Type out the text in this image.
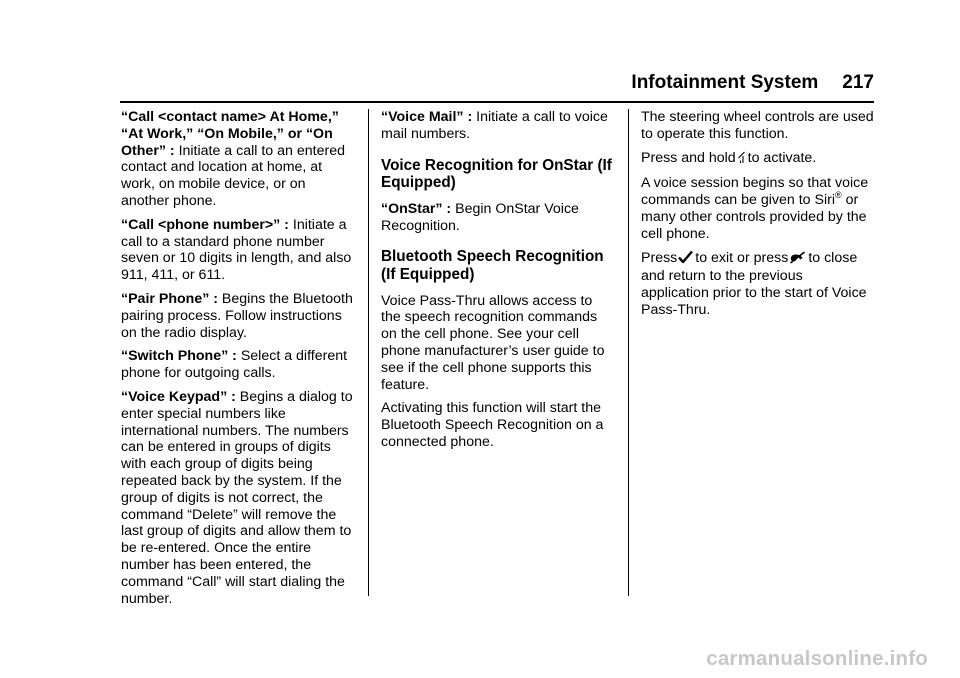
Infotainment System 217

“Call <contact name> At Home,” “At Work,” “On Mobile,” or “On Other” : Initiate a call to an entered contact and location at home, at work, on mobile device, or on another phone.

“Call <phone number>” : Initiate a call to a standard phone number seven or 10 digits in length, and also 911, 411, or 611.

“Pair Phone” : Begins the Bluetooth pairing process. Follow instructions on the radio display.

“Switch Phone” : Select a different phone for outgoing calls.

“Voice Keypad” : Begins a dialog to enter special numbers like international numbers. The numbers can be entered in groups of digits with each group of digits being repeated back by the system. If the group of digits is not correct, the command “Delete” will remove the last group of digits and allow them to be re-entered. Once the entire number has been entered, the command “Call” will start dialing the number.

“Voice Mail” : Initiate a call to voice mail numbers.

Voice Recognition for OnStar (If Equipped)

“OnStar” : Begin OnStar Voice Recognition.

Bluetooth Speech Recognition (If Equipped)

Voice Pass-Thru allows access to the speech recognition commands on the cell phone. See your cell phone manufacturer’s user guide to see if the cell phone supports this feature.

Activating this function will start the Bluetooth Speech Recognition on a connected phone.

The steering wheel controls are used to operate this function.

Press and hold to activate.

A voice session begins so that voice commands can be given to Siri® or many other controls provided by the cell phone.

Press to exit or press to close and return to the previous application prior to the start of Voice Pass-Thru.

carmanualsonline.info
